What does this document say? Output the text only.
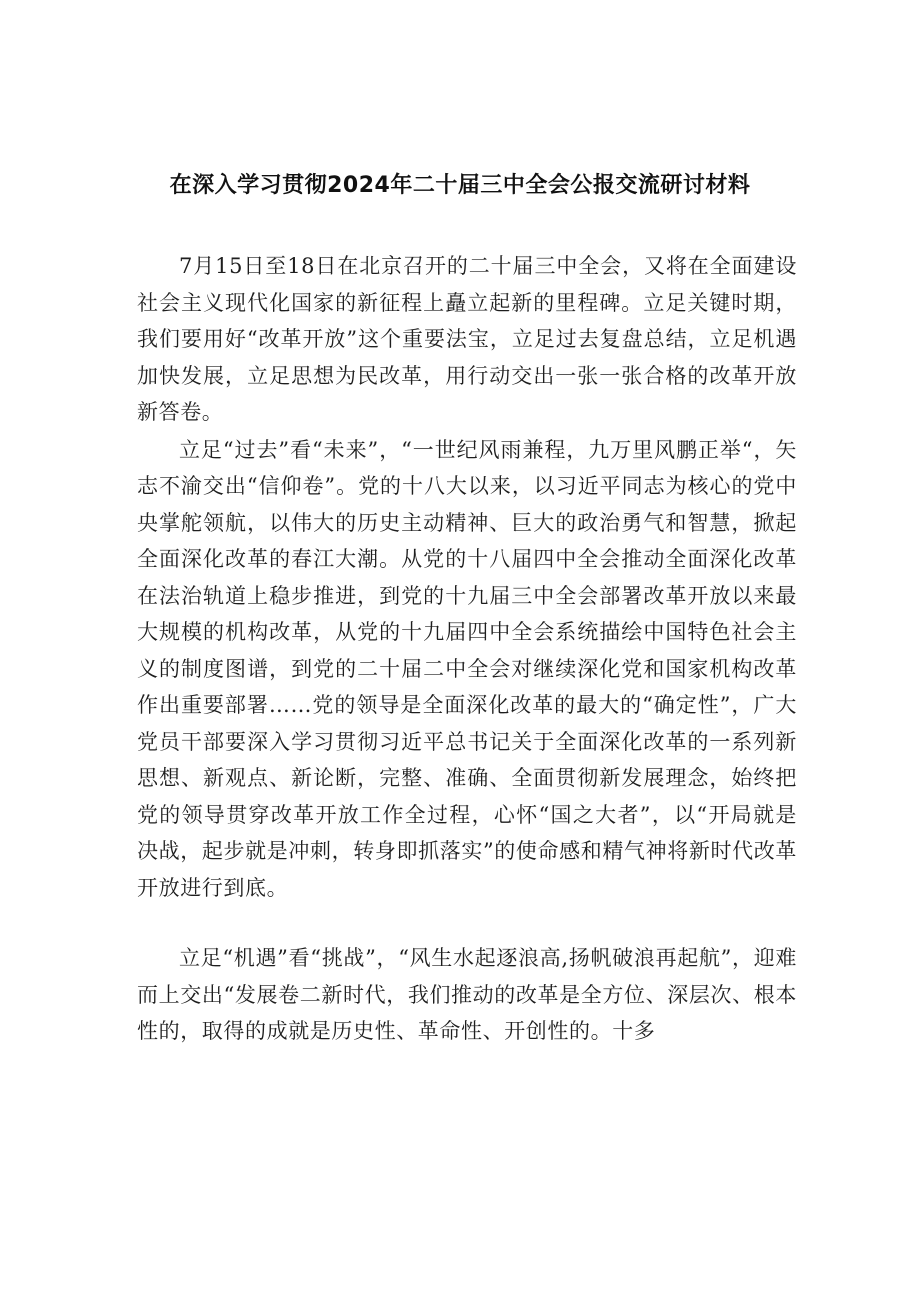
在深入学习贯彻2024年二十届三中全会公报交流研讨材料

7月15日至18日在北京召开的二十届三中全会，又将在全面建设社会主义现代化国家的新征程上矗立起新的里程碑。立足关键时期，我们要用好“改革开放”这个重要法宝，立足过去复盘总结，立足机遇加快发展，立足思想为民改革，用行动交出一张一张合格的改革开放新答卷。

立足“过去”看“未来”，“一世纪风雨兼程，九万里风鹏正举“，矢志不渝交出“信仰卷”。党的十八大以来，以习近平同志为核心的党中央掌舵领航，以伟大的历史主动精神、巨大的政治勇气和智慧，掀起全面深化改革的春江大潮。从党的十八届四中全会推动全面深化改革在法治轨道上稳步推进，到党的十九届三中全会部署改革开放以来最大规模的机构改革，从党的十九届四中全会系统描绘中国特色社会主义的制度图谱，到党的二十届二中全会对继续深化党和国家机构改革作出重要部署……党的领导是全面深化改革的最大的“确定性”，广大党员干部要深入学习贯彻习近平总书记关于全面深化改革的一系列新思想、新观点、新论断，完整、准确、全面贯彻新发展理念，始终把党的领导贯穿改革开放工作全过程，心怀“国之大者”，以“开局就是决战，起步就是冲刺，转身即抓落实”的使命感和精气神将新时代改革开放进行到底。

立足“机遇”看“挑战”，“风生水起逐浪高,扬帆破浪再起航”，迎难而上交出“发展卷二新时代，我们推动的改革是全方位、深层次、根本性的，取得的成就是历史性、革命性、开创性的。十多
